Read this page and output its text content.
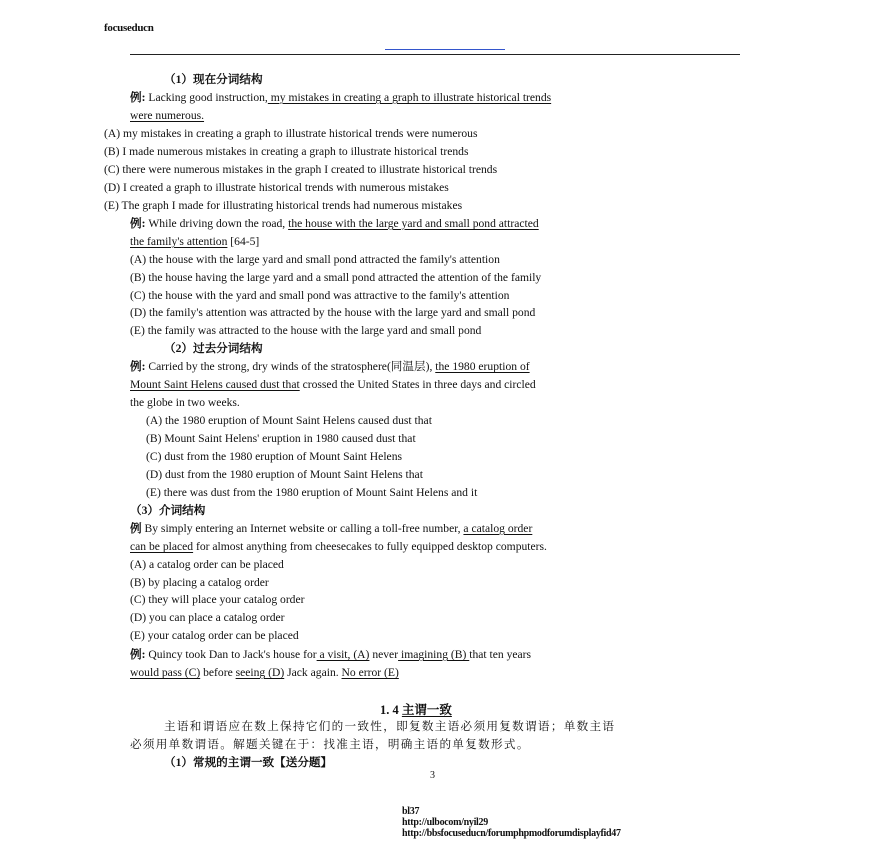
focuseducn
（1）现在分词结构
例: Lacking good instruction, my mistakes in creating a graph to illustrate historical trends
were numerous.
(A) my mistakes in creating a graph to illustrate historical trends were numerous
(B) I made numerous mistakes in creating a graph to illustrate historical trends
(C) there were numerous mistakes in the graph I created to illustrate historical trends
(D) I created a graph to illustrate historical trends with numerous mistakes
(E) The graph I made for illustrating historical trends had numerous mistakes
例: While driving down the road, the house with the large yard and small pond attracted
the family's attention [64-5]
(A) the house with the large yard and small pond attracted the family's attention
(B) the house having the large yard and a small pond attracted the attention of the family
(C) the house with the yard and small pond was attractive to the family's attention
(D) the family's attention was attracted by the house with the large yard and small pond
(E) the family was attracted to the house with the large yard and small pond
（2）过去分词结构
例: Carried by the strong, dry winds of the stratosphere(同温层), the 1980 eruption of
Mount Saint Helens caused dust that crossed the United States in three days and circled
the globe in two weeks.
(A) the 1980 eruption of Mount Saint Helens caused dust that
(B) Mount Saint Helens' eruption in 1980 caused dust that
(C) dust from the 1980 eruption of Mount Saint Helens
(D) dust from the 1980 eruption of Mount Saint Helens that
(E) there was dust from the 1980 eruption of Mount Saint Helens and it
（3）介词结构
例 By simply entering an Internet website or calling a toll-free number, a catalog order
can be placed for almost anything from cheesecakes to fully equipped desktop computers.
(A) a catalog order can be placed
(B) by placing a catalog order
(C) they will place your catalog order
(D) you can place a catalog order
(E) your catalog order can be placed
例: Quincy took Dan to Jack's house for a visit, (A) never imagining (B) that ten years
would pass (C) before seeing (D) Jack again. No error (E)
1. 4 主谓一致
主语和谓语应在数上保持它们的一致性，即复数主语必须用复数谓语；单数主语
必须用单数谓语。解题关键在于：找准主语，明确主语的单复数形式。
（1）常规的主谓一致【送分题】
3
bl37
http://ulbocom/nyil29
http://bbsfocuseducn/forumphpmodforumdisplayfid47
